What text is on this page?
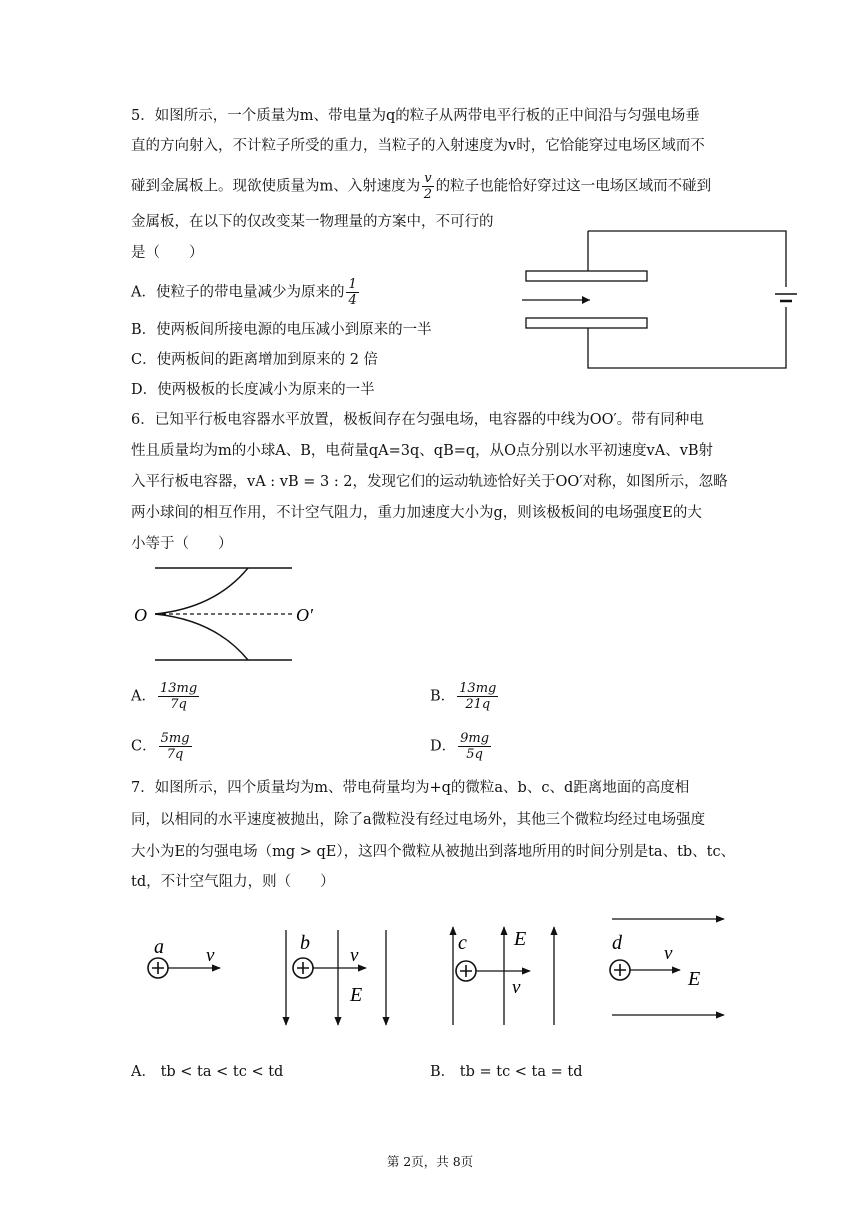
5．如图所示，一个质量为m、带电量为q的粒子从两带电平行板的正中间沿与匀强电场垂
直的方向射入，不计粒子所受的重力，当粒子的入射速度为v时，它恰能穿过电场区域而不
碰到金属板上。现欲使质量为m、入射速度为 $\frac{v}{2}$ 的粒子也能恰好穿过这一电场区域而不碰到
金属板，在以下的仅改变某一物理量的方案中，不可行的
是（　　）
A．使粒子的带电量减少为原来的 $\frac{1}{4}$
B．使两板间所接电源的电压减小到原来的一半
C．使两板间的距离增加到原来的 2 倍
D．使两极板的长度减小为原来的一半
6．已知平行板电容器水平放置，极板间存在匀强电场，电容器的中线为OO′。带有同种电
性且质量均为m的小球A、B，电荷量qA=3q、qB=q，从O点分别以水平初速度vA、vB射
入平行板电容器，vA : vB = 3 : 2，发现它们的运动轨迹恰好关于OO′对称，如图所示，忽略
两小球间的相互作用，不计空气阻力，重力加速度大小为g，则该极板间的电场强度E的大
小等于（　　）
O	O′
A． $\frac{13mg}{7q}$	B． $\frac{13mg}{21q}$
C． $\frac{5mg}{7q}$	D． $\frac{9mg}{5q}$
7．如图所示，四个质量均为m、带电荷量均为+q的微粒a、b、c、d距离地面的高度相
同，以相同的水平速度被抛出，除了a微粒没有经过电场外，其他三个微粒均经过电场强度
大小为E的匀强电场（mg > qE），这四个微粒从被抛出到落地所用的时间分别是ta、tb、tc、
td，不计空气阻力，则（　　）
a v
b
v
E
c E
v
d v
E
A． tb < ta < tc < td	B． tb = tc < ta = td
第 2页，共 8页
